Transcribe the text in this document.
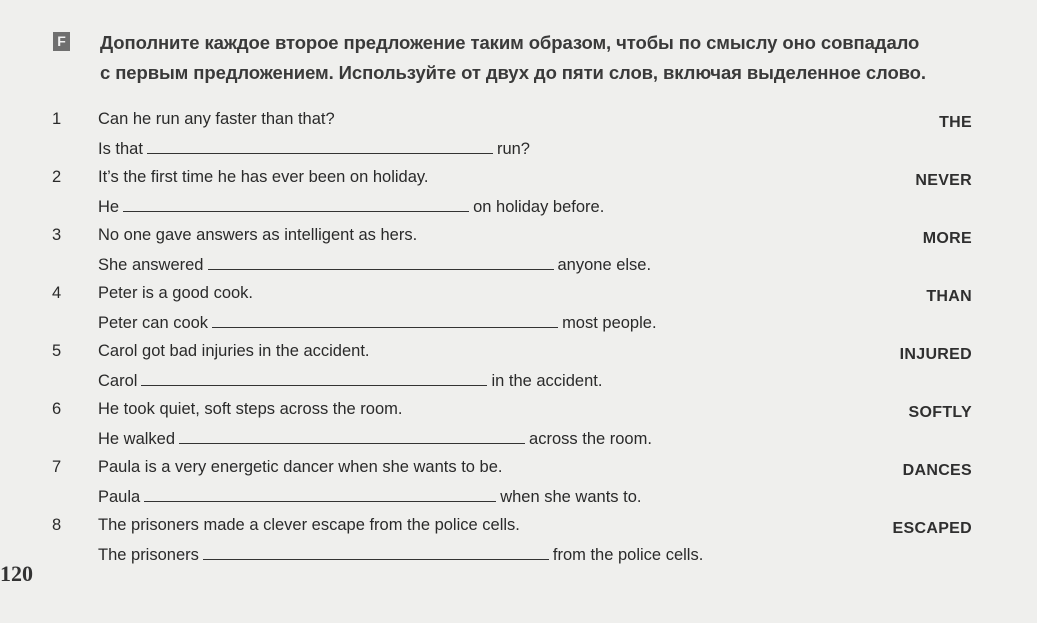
F Дополните каждое второе предложение таким образом, чтобы по смыслу оно совпадало
с первым предложением. Используйте от двух до пяти слов, включая выделенное слово.
1	Can he run any faster than that?	THE
Is that	run?
2	It’s the first time he has ever been on holiday.	NEVER
He	on holiday before.
3	No one gave answers as intelligent as hers.	MORE
She answered	anyone else.
4	Peter is a good cook.	THAN
Peter can cook	most people.
5	Carol got bad injuries in the accident.	INJURED
Carol	in the accident.
6	He took quiet, soft steps across the room.	SOFTLY
He walked	across the room.
7	Paula is a very energetic dancer when she wants to be.	DANCES
Paula	when she wants to.
8	The prisoners made a clever escape from the police cells.	ESCAPED
The prisoners	from the police cells.
120
